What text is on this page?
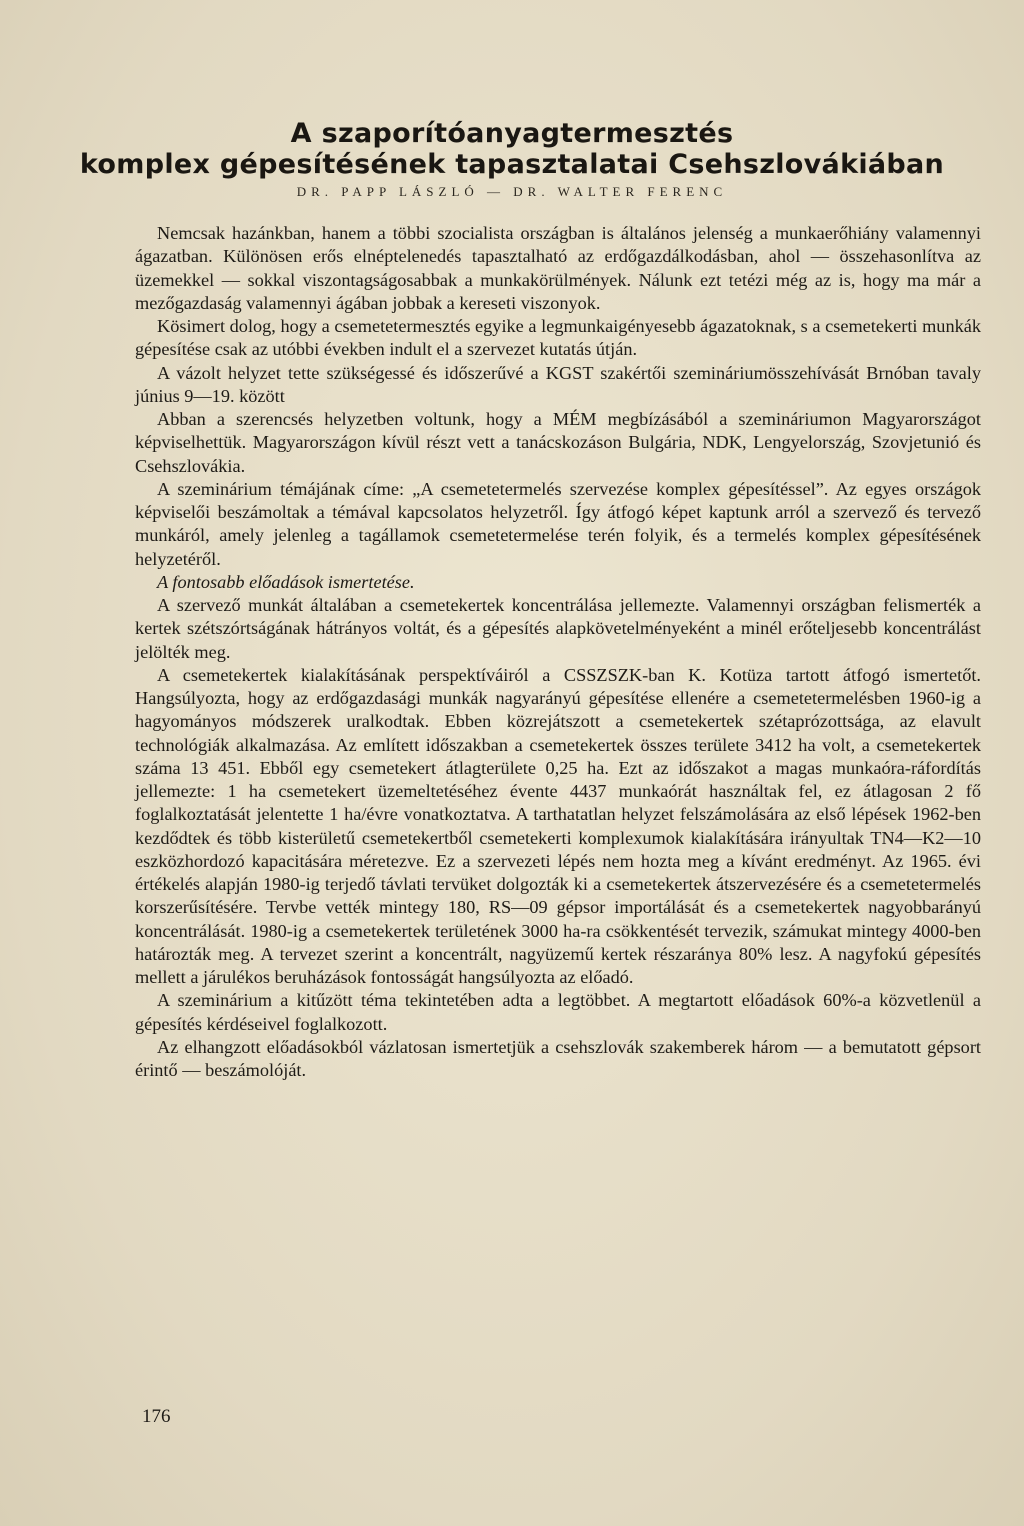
A szaporítóanyagtermesztés
komplex gépesítésének tapasztalatai Csehszlovákiában
DR. PAPP LÁSZLÓ — DR. WALTER FERENC

Nemcsak hazánkban, hanem a többi szocialista országban is általános jelenség a munkaerőhiány valamennyi ágazatban. Különösen erős elnéptelenedés tapasztalható az erdőgazdálkodásban, ahol — összehasonlítva az üzemekkel — sokkal viszontagságosabbak a munkakörülmények. Nálunk ezt tetézi még az is, hogy ma már a mezőgazdaság valamennyi ágában jobbak a kereseti viszonyok.

Kösimert dolog, hogy a csemetetermesztés egyike a legmunkaigényesebb ágazatoknak, s a csemetekerti munkák gépesítése csak az utóbbi években indult el a szervezet kutatás útján.

A vázolt helyzet tette szükségessé és időszerűvé a KGST szakértői szemináriumösszehívását Brnóban tavaly június 9—19. között

Abban a szerencsés helyzetben voltunk, hogy a MÉM megbízásából a szemináriumon Magyarországot képviselhettük. Magyarországon kívül részt vett a tanácskozáson Bulgária, NDK, Lengyelország, Szovjetunió és Csehszlovákia.

A szeminárium témájának címe: „A csemetetermelés szervezése komplex gépesítéssel”. Az egyes országok képviselői beszámoltak a témával kapcsolatos helyzetről. Így átfogó képet kaptunk arról a szervező és tervező munkáról, amely jelenleg a tagállamok csemetetermelése terén folyik, és a termelés komplex gépesítésének helyzetéről.

A fontosabb előadások ismertetése.

A szervező munkát általában a csemetekertek koncentrálása jellemezte. Valamennyi országban felismerték a kertek szétszórtságának hátrányos voltát, és a gépesítés alapkövetelményeként a minél erőteljesebb koncentrálást jelölték meg.

A csemetekertek kialakításának perspektíváiról a CSSZSZK-ban K. Kotüza tartott átfogó ismertetőt. Hangsúlyozta, hogy az erdőgazdasági munkák nagyarányú gépesítése ellenére a csemetetermelésben 1960-ig a hagyományos módszerek uralkodtak. Ebben közrejátszott a csemetekertek szétaprózottsága, az elavult technológiák alkalmazása. Az említett időszakban a csemetekertek összes területe 3412 ha volt, a csemetekertek száma 13 451. Ebből egy csemetekert átlagterülete 0,25 ha. Ezt az időszakot a magas munkaóra-ráfordítás jellemezte: 1 ha csemetekert üzemeltetéséhez évente 4437 munkaórát használtak fel, ez átlagosan 2 fő foglalkoztatását jelentette 1 ha/évre vonatkoztatva. A tarthatatlan helyzet felszámolására az első lépések 1962-ben kezdődtek és több kisterületű csemetekertből csemetekerti komplexumok kialakítására irányultak TN4—K2—10 eszközhordozó kapacitására méretezve. Ez a szervezeti lépés nem hozta meg a kívánt eredményt. Az 1965. évi értékelés alapján 1980-ig terjedő távlati tervüket dolgozták ki a csemetekertek átszervezésére és a csemetetermelés korszerűsítésére. Tervbe vették mintegy 180, RS—09 gépsor importálását és a csemetekertek nagyobbarányú koncentrálását. 1980-ig a csemetekertek területének 3000 ha-ra csökkentését tervezik, számukat mintegy 4000-ben határozták meg. A tervezet szerint a koncentrált, nagyüzemű kertek részaránya 80% lesz. A nagyfokú gépesítés mellett a járulékos beruházások fontosságát hangsúlyozta az előadó.

A szeminárium a kitűzött téma tekintetében adta a legtöbbet. A megtartott előadások 60%-a közvetlenül a gépesítés kérdéseivel foglalkozott.

Az elhangzott előadásokból vázlatosan ismertetjük a csehszlovák szakemberek három — a bemutatott gépsort érintő — beszámolóját.

176
